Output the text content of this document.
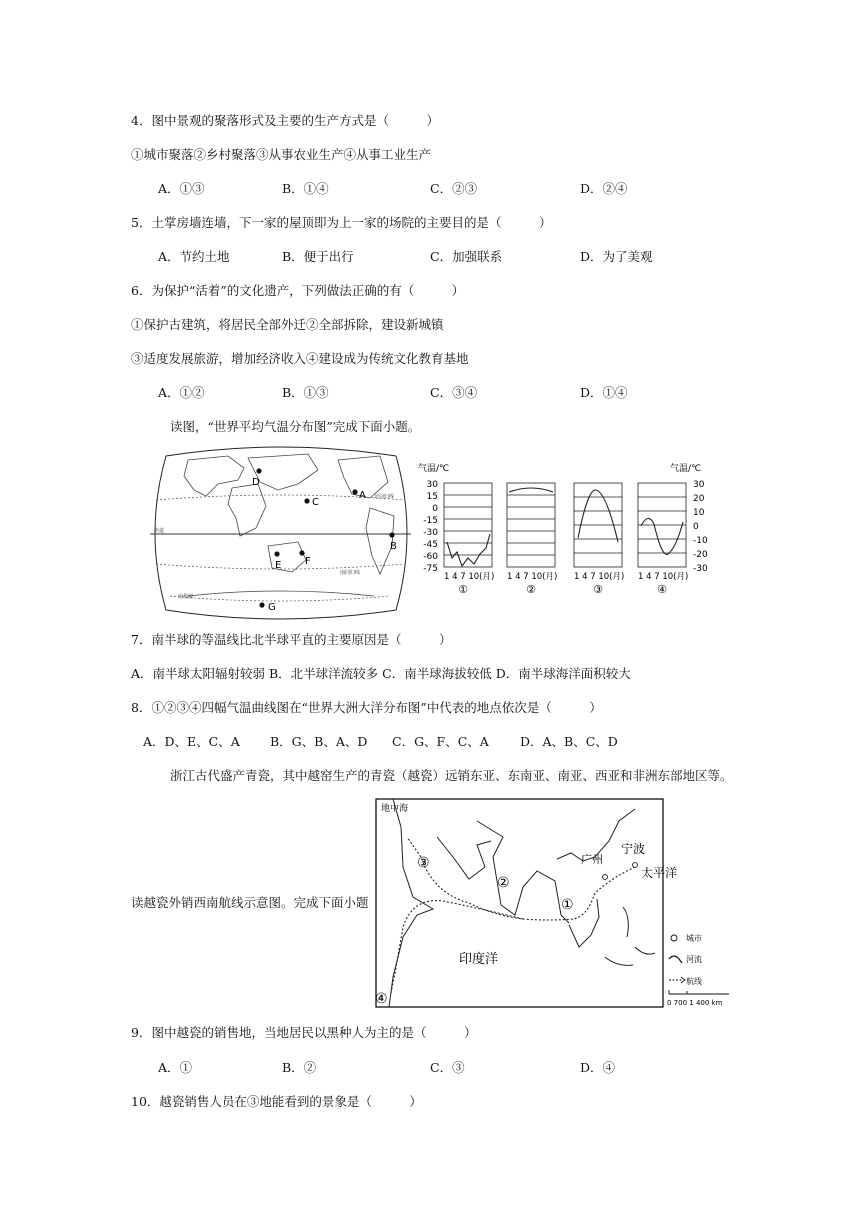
4．图中景观的聚落形式及主要的生产方式是（　　　）
①城市聚落②乡村聚落③从事农业生产④从事工业生产
A．①③	B．①④	C．②③	D．②④
5．土掌房墙连墙，下一家的屋顶即为上一家的场院的主要目的是（　　　）
A．节约土地	B．便于出行	C．加强联系	D．为了美观
6．为保护“活着”的文化遗产，下列做法正确的有（　　　）
①保护古建筑，将居民全部外迁②全部拆除，建设新城镇
③适度发展旅游，增加经济收入④建设成为传统文化教育基地
A．①②	B．①③	C．③④	D．①④
读图，“世界平均气温分布图”完成下面小题。
北回归线
赤道
南回归线
南极圈
D
C
A
B
E F
G
气温/℃	气温/℃
30
15
0
-15
-30
-45
-60
-75
30
20
10
0
-10
-20
-30
1 4 7 10(月) 1 4 7 10(月) 1 4 7 10(月) 1 4 7 10(月)
①	②	③	④
7．南半球的等温线比北半球平直的主要原因是（　　　）
A．南半球太阳辐射较弱 B．北半球洋流较多 C．南半球海拔较低 D．南半球海洋面积较大
8．①②③④四幅气温曲线图在“世界大洲大洋分布图”中代表的地点依次是（　　　）
A．D、E、C、A B．G、B、A、D C．G、F、C、A D．A、B、C、D
浙江古代盛产青瓷，其中越窑生产的青瓷（越瓷）远销东亚、东南亚、南亚、西亚和非洲东部地区等。
读越瓷外销西南航线示意图。完成下面小题
地中海
③
②
①
④
广州
宁波
太平洋
印度洋
城市
河流
航线
0 700 1 400 km
9．图中越瓷的销售地，当地居民以黑种人为主的是（　　　）
A．①	B．②	C．③	D．④
10．越瓷销售人员在③地能看到的景象是（　　　）
